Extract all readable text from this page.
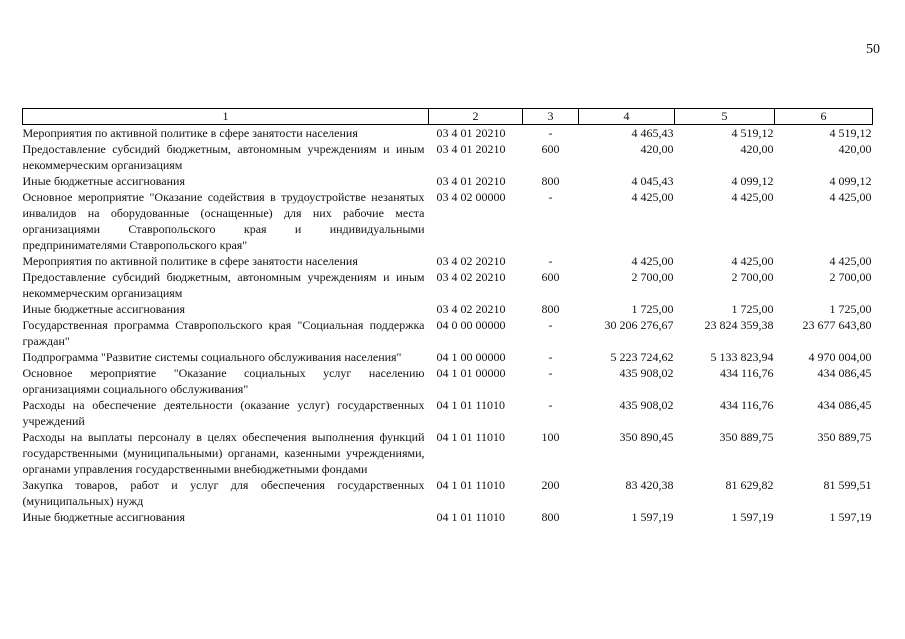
50
1	2	3	4	5	6
Мероприятия по активной политике в сфере занятости населения	03 4 01 20210	-	4 465,43	4 519,12	4 519,12
Предоставление субсидий бюджетным, автономным учреждениям и иным некоммерческим организациям	03 4 01 20210	600	420,00	420,00	420,00
Иные бюджетные ассигнования	03 4 01 20210	800	4 045,43	4 099,12	4 099,12
Основное мероприятие "Оказание содействия в трудоустройстве незанятых инвалидов на оборудованные (оснащенные) для них рабочие места организациями Ставропольского края и индивидуальными предпринимателями Ставропольского края"	03 4 02 00000	-	4 425,00	4 425,00	4 425,00
Мероприятия по активной политике в сфере занятости населения	03 4 02 20210	-	4 425,00	4 425,00	4 425,00
Предоставление субсидий бюджетным, автономным учреждениям и иным некоммерческим организациям	03 4 02 20210	600	2 700,00	2 700,00	2 700,00
Иные бюджетные ассигнования	03 4 02 20210	800	1 725,00	1 725,00	1 725,00
Государственная программа Ставропольского края "Социальная поддержка граждан"	04 0 00 00000	-	30 206 276,67	23 824 359,38	23 677 643,80
Подпрограмма "Развитие системы социального обслуживания населения"	04 1 00 00000	-	5 223 724,62	5 133 823,94	4 970 004,00
Основное мероприятие "Оказание социальных услуг населению организациями социального обслуживания"	04 1 01 00000	-	435 908,02	434 116,76	434 086,45
Расходы на обеспечение деятельности (оказание услуг) государственных учреждений	04 1 01 11010	-	435 908,02	434 116,76	434 086,45
Расходы на выплаты персоналу в целях обеспечения выполнения функций государственными (муниципальными) органами, казенными учреждениями, органами управления государственными внебюджетными фондами	04 1 01 11010	100	350 890,45	350 889,75	350 889,75
Закупка товаров, работ и услуг для обеспечения государственных (муниципальных) нужд	04 1 01 11010	200	83 420,38	81 629,82	81 599,51
Иные бюджетные ассигнования	04 1 01 11010	800	1 597,19	1 597,19	1 597,19
